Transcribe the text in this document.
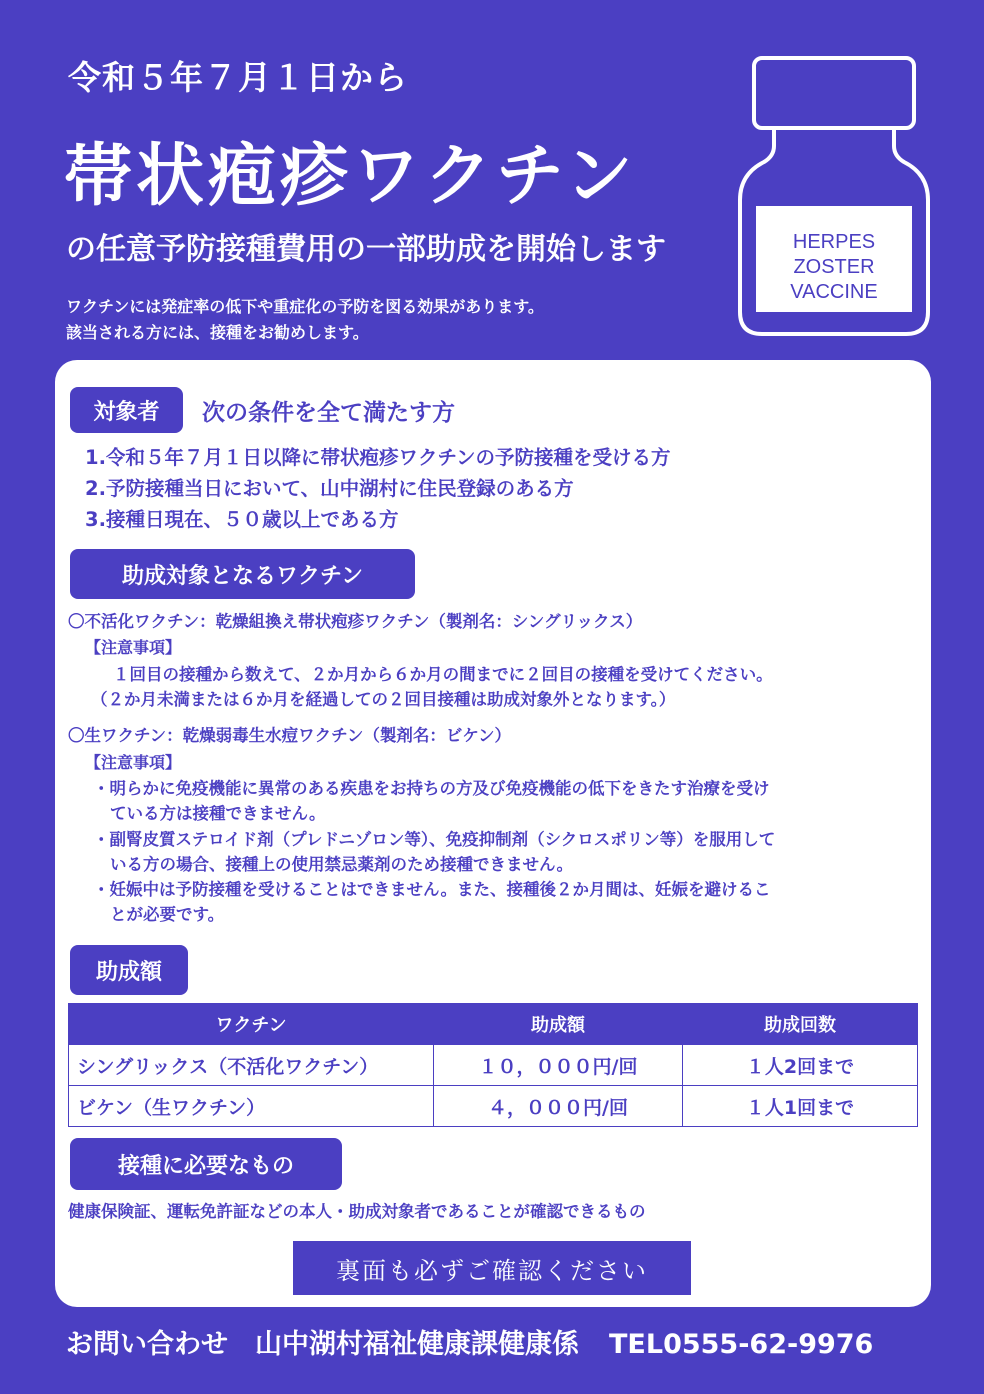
令和５年７月１日から
帯状疱疹ワクチン
の任意予防接種費用の一部助成を開始します
ワクチンには発症率の低下や重症化の予防を図る効果があります。
該当される方には、接種をお勧めします。
HERPES
ZOSTER
VACCINE
対象者	次の条件を全て満たす方
1.令和５年７月１日以降に帯状疱疹ワクチンの予防接種を受ける方
2.予防接種当日において、山中湖村に住民登録のある方
3.接種日現在、５０歳以上である方
助成対象となるワクチン
〇不活化ワクチン：乾燥組換え帯状疱疹ワクチン（製剤名：シングリックス）
【注意事項】
１回目の接種から数えて、２か月から６か月の間までに２回目の接種を受けてください。
（２か月未満または６か月を経過しての２回目接種は助成対象外となります。）
〇生ワクチン：乾燥弱毒生水痘ワクチン（製剤名：ビケン）
【注意事項】
・明らかに免疫機能に異常のある疾患をお持ちの方及び免疫機能の低下をきたす治療を受け
ている方は接種できません。
・副腎皮質ステロイド剤（プレドニゾロン等）、免疫抑制剤（シクロスポリン等）を服用して
いる方の場合、接種上の使用禁忌薬剤のため接種できません。
・妊娠中は予防接種を受けることはできません。また、接種後２か月間は、妊娠を避けるこ
とが必要です。
助成額
ワクチン	助成額	助成回数
シングリックス（不活化ワクチン）	１０，０００円/回	１人2回まで
ビケン（生ワクチン）	４，０００円/回	１人1回まで
接種に必要なもの
健康保険証、運転免許証などの本人・助成対象者であることが確認できるもの
裏面も必ずご確認ください
お問い合わせ　山中湖村福祉健康課健康係 TEL0555-62-9976
